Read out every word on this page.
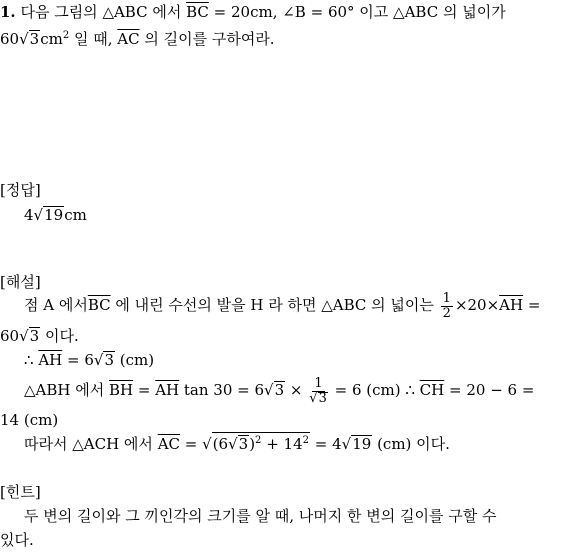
1. 다음 그림의 △ABC 에서 $\overline{BC} = 20cm$, ∠B = 60° 이고 △ABC 의 넓이가
$60√3cm^2$ 일 때, $\overline{AC}$ 의 길이를 구하여라.
[정답]
4√19cm
[해설]
점 A 에서$\overline{BC}$ 에 내린 수선의 발을 H 라 하면 △ABC 의 넓이는 $\frac{1}{2} \times 20\times\overline{AH}$ =
60√3 이다.
∴ $\overline{AH} = 6√3$ (cm)
△ABH 에서 $\overline{BH} = \overline{AH}$ $\tan 30 = 6√3 \times \frac{1}{√3} = 6$ (cm) ∴ $\overline{CH} = 20 - 6$ =
14 (cm)
따라서 △ACH 에서 $\overline{AC} = √(6√3)^2 + 14^2 = 4√19$ (cm) 이다.
[힌트]
두 변의 길이와 그 끼인각의 크기를 알 때, 나머지 한 변의 길이를 구할 수
있다.
